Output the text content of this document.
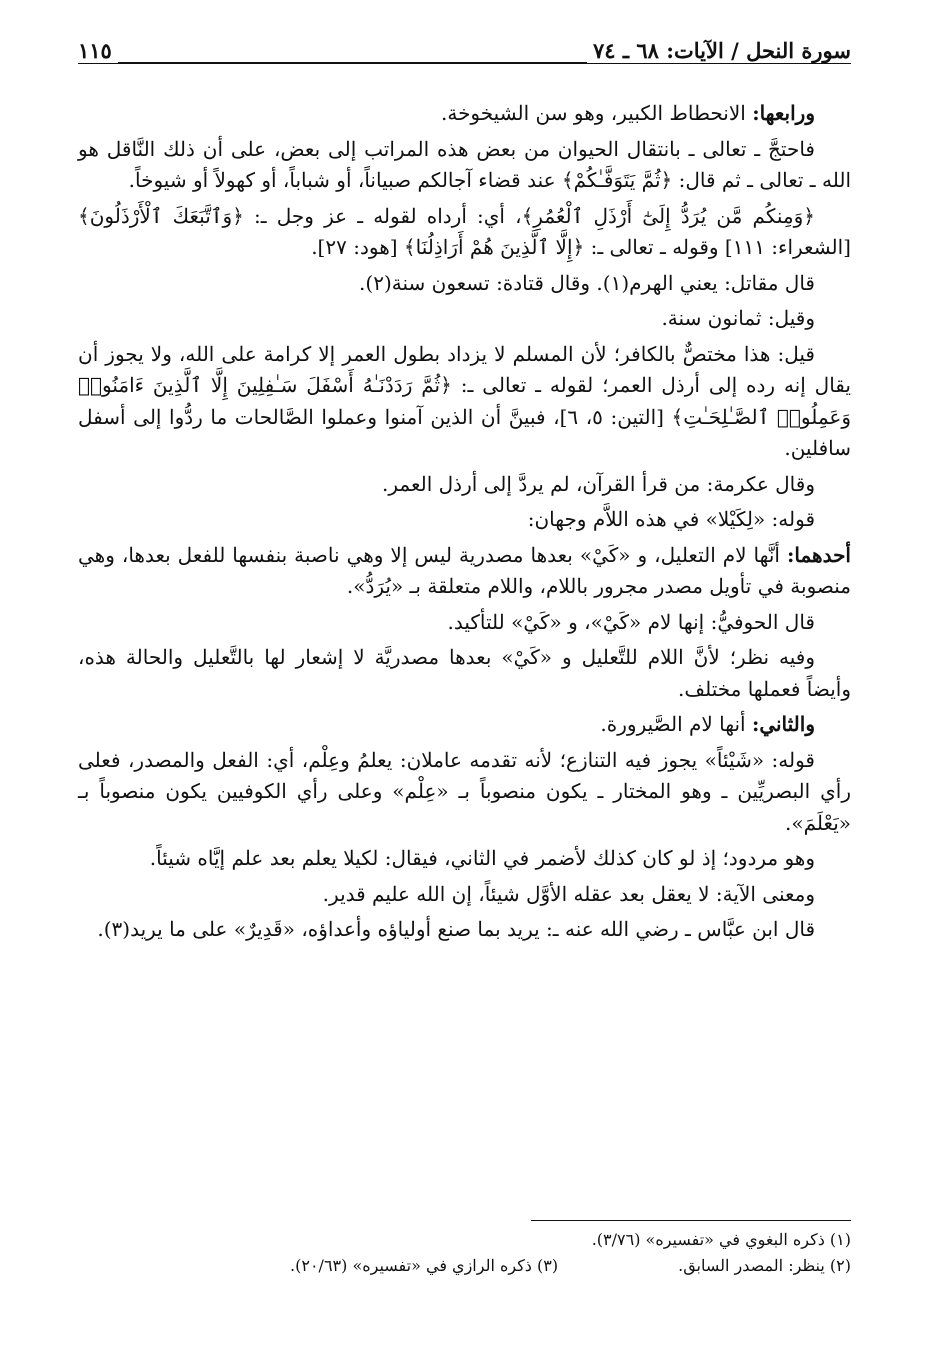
سورة النحل / الآيات: ٦٨ ـ ٧٤
١١٥

ورابعها: الانحطاط الكبير، وهو سن الشيخوخة.

فاحتجَّ ـ تعالى ـ بانتقال الحيوان من بعض هذه المراتب إلى بعض، على أن ذلك النَّاقل هو الله ـ تعالى ـ ثم قال: ﴿ثُمَّ يَتَوَفَّـٰكُمْ﴾ عند قضاء آجالكم صبياناً، أو شباباً، أو كهولاً أو شيوخاً.

﴿وَمِنكُم مَّن يُرَدُّ إِلَىٰٓ أَرْذَلِ ٱلْعُمُرِ﴾، أي: أرداه لقوله ـ عز وجل ـ: ﴿وَٱتَّبَعَكَ ٱلْأَرْذَلُونَ﴾ [الشعراء: ١١١] وقوله ـ تعالى ـ: ﴿إِلَّا ٱلَّذِينَ هُمْ أَرَاذِلُنَا﴾ [هود: ٢٧].

قال مقاتل: يعني الهرم(١). وقال قتادة: تسعون سنة(٢).

وقيل: ثمانون سنة.

قيل: هذا مختصٌّ بالكافر؛ لأن المسلم لا يزداد بطول العمر إلا كرامة على الله، ولا يجوز أن يقال إنه رده إلى أرذل العمر؛ لقوله ـ تعالى ـ: ﴿ثُمَّ رَدَدْنَـٰهُ أَسْفَلَ سَـٰفِلِينَ إِلَّا ٱلَّذِينَ ءَامَنُوا۟ وَعَمِلُوا۟ ٱلصَّـٰلِحَـٰتِ﴾ [التين: ٥، ٦]، فبينَّ أن الذين آمنوا وعملوا الصَّالحات ما ردُّوا إلى أسفل سافلين.

وقال عكرمة: من قرأ القرآن، لم يردَّ إلى أرذل العمر.

قوله: «لِكَيْلا» في هذه اللاَّم وجهان:

أحدهما: أنَّها لام التعليل، و «كَيْ» بعدها مصدرية ليس إلا وهي ناصبة بنفسها للفعل بعدها، وهي منصوبة في تأويل مصدر مجرور باللام، واللام متعلقة بـ «يُرَدُّ».

قال الحوفيُّ: إنها لام «كَيْ»، و «كَيْ» للتأكيد.

وفيه نظر؛ لأنَّ اللام للتَّعليل و «كَيْ» بعدها مصدريَّة لا إشعار لها بالتَّعليل والحالة هذه، وأيضاً فعملها مختلف.

والثاني: أنها لام الصَّيرورة.

قوله: «شَيْئاً» يجوز فيه التنازع؛ لأنه تقدمه عاملان: يعلمُ وعِلْم، أي: الفعل والمصدر، فعلى رأي البصريِّين ـ وهو المختار ـ يكون منصوباً بـ «عِلْم» وعلى رأي الكوفيين يكون منصوباً بـ «يَعْلَمَ».

وهو مردود؛ إذ لو كان كذلك لأضمر في الثاني، فيقال: لكيلا يعلم بعد علم إيَّاه شيئاً.

ومعنى الآية: لا يعقل بعد عقله الأوَّل شيئاً، إن الله عليم قدير.

قال ابن عبَّاس ـ رضي الله عنه ـ: يريد بما صنع أولياؤه وأعداؤه، «قَدِيرٌ» على ما يريد(٣).

(١) ذكره البغوي في «تفسيره» (٣/٧٦).
(٢) ينظر: المصدر السابق.
(٣) ذكره الرازي في «تفسيره» (٢٠/٦٣).
